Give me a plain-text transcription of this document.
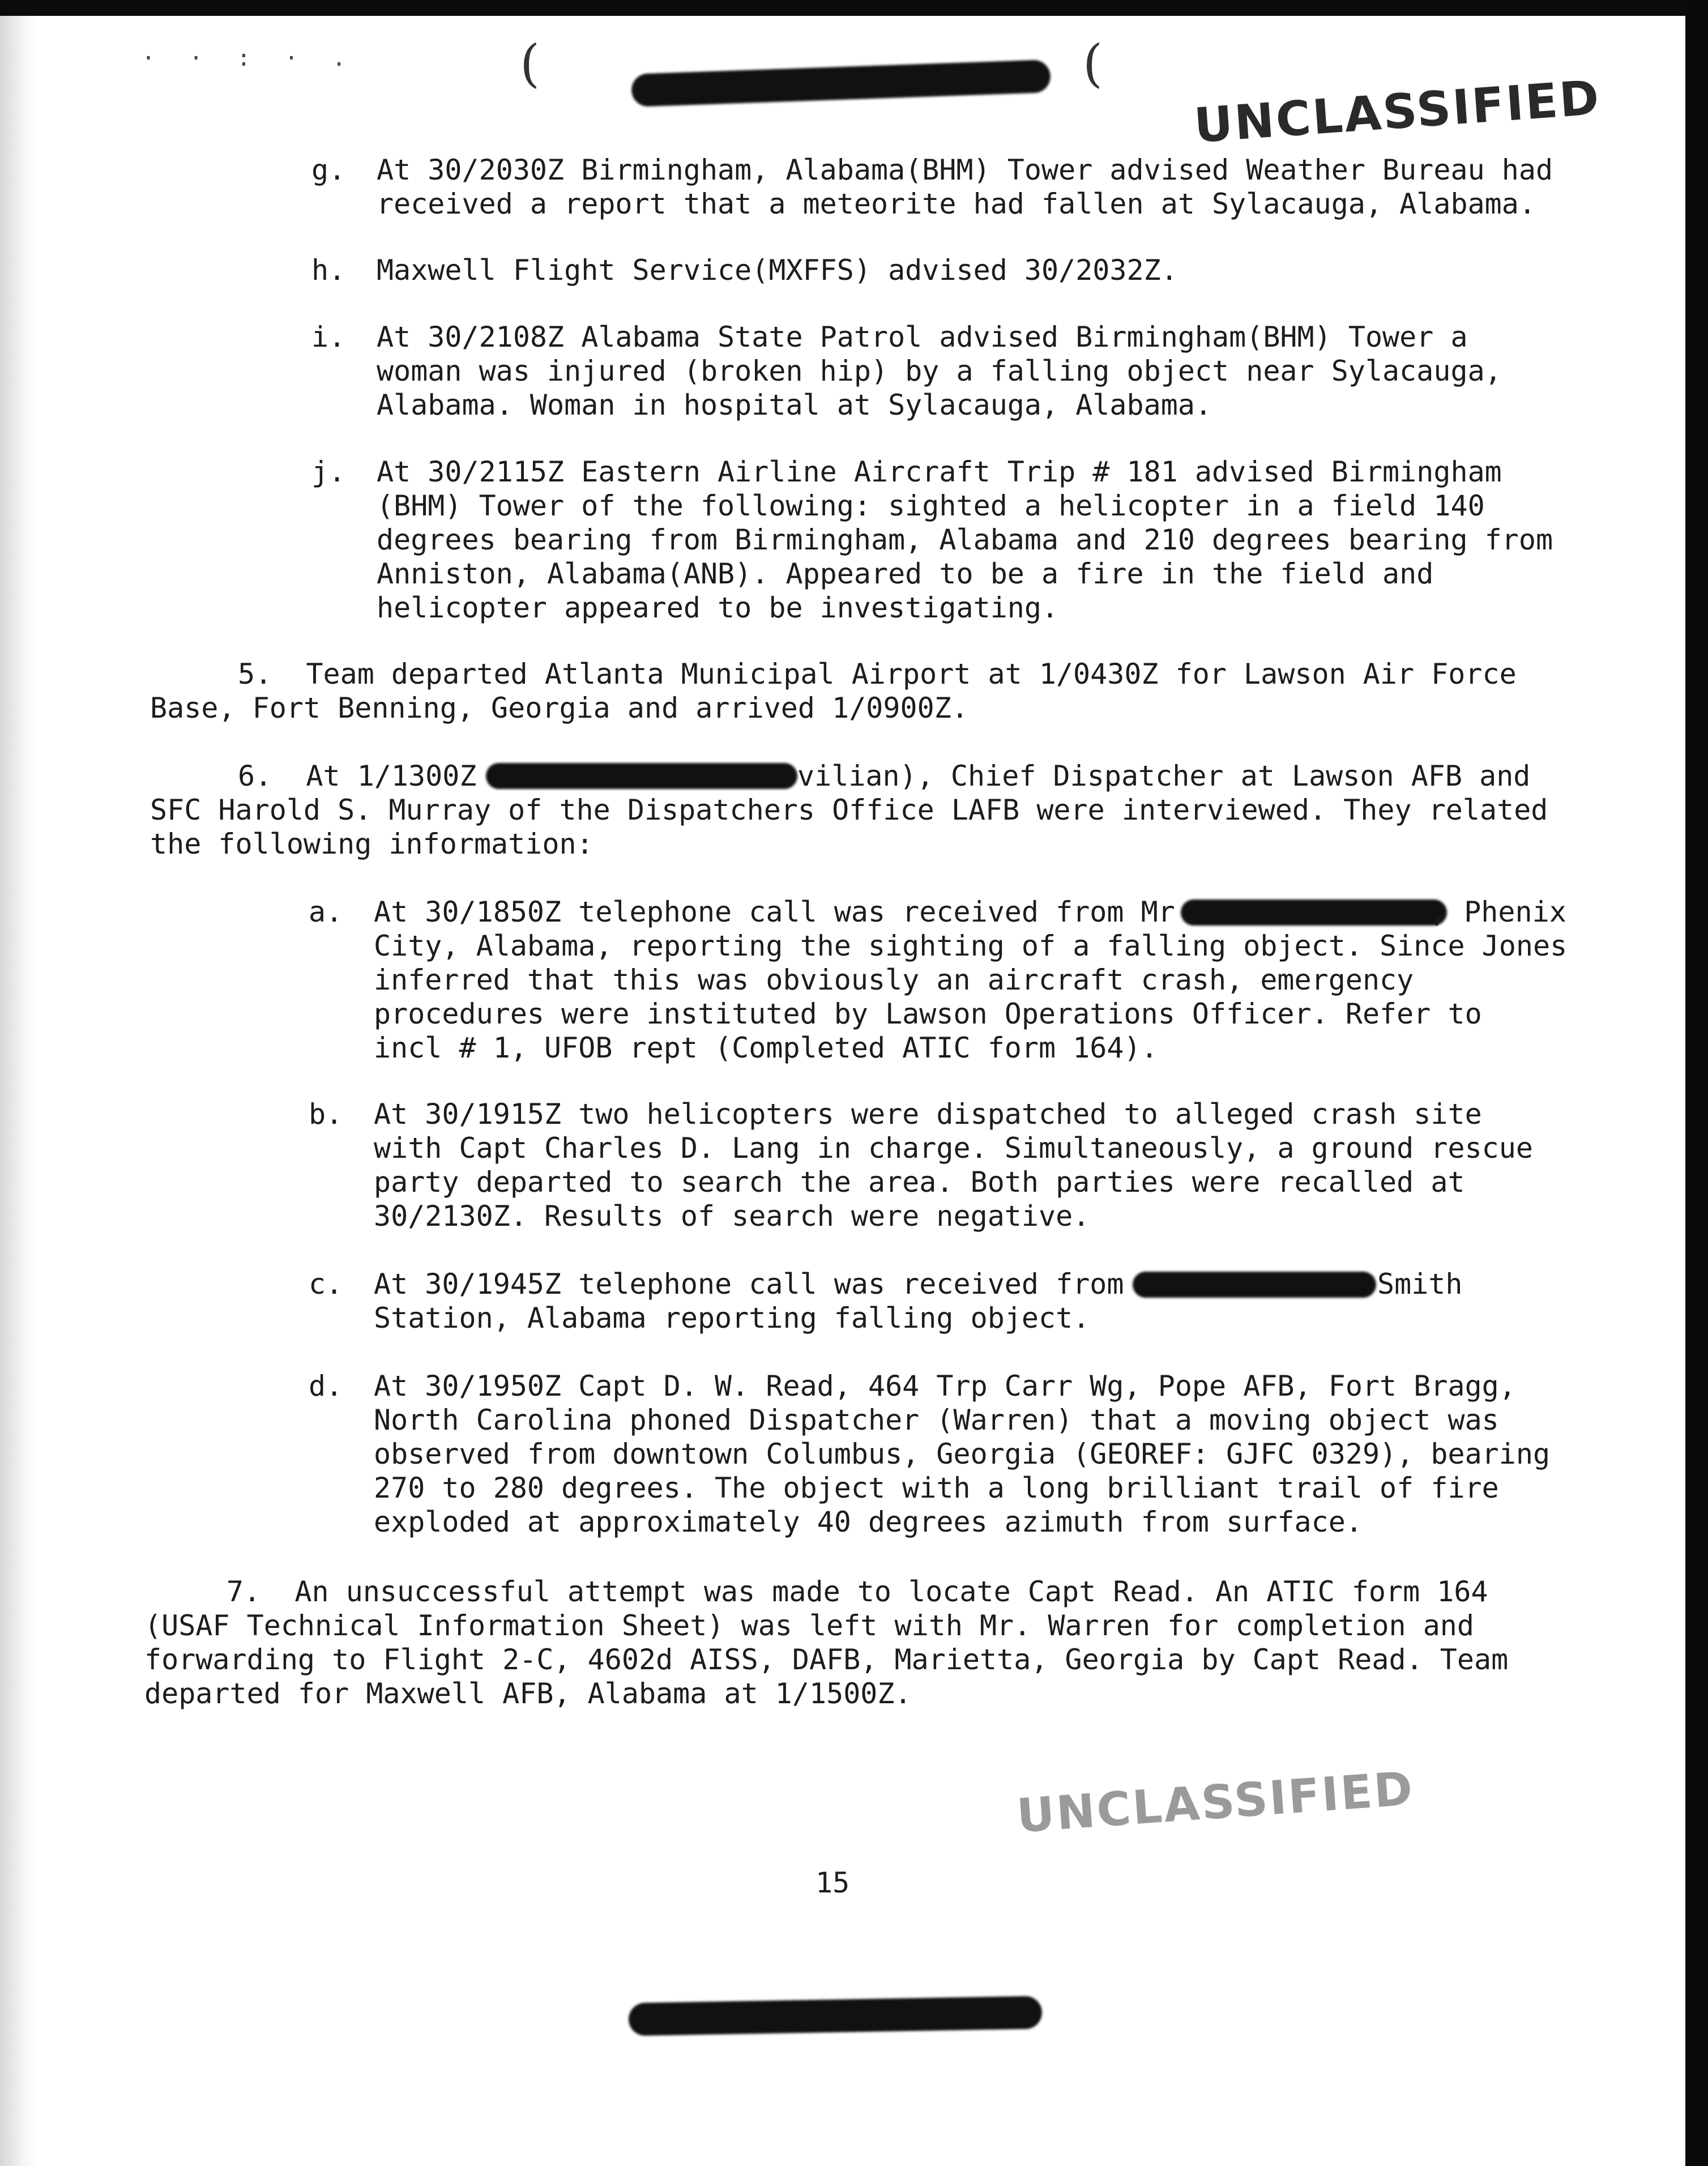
· · : · .	(	(
UNCLASSIFIED
g. At 30/2030Z Birmingham, Alabama(BHM) Tower advised Weather Bureau had
received a report that a meteorite had fallen at Sylacauga, Alabama.
h. Maxwell Flight Service(MXFFS) advised 30/2032Z.
i. At 30/2108Z Alabama State Patrol advised Birmingham(BHM) Tower a
woman was injured (broken hip) by a falling object near Sylacauga,
Alabama. Woman in hospital at Sylacauga, Alabama.
j. At 30/2115Z Eastern Airline Aircraft Trip # 181 advised Birmingham
(BHM) Tower of the following: sighted a helicopter in a field 140
degrees bearing from Birmingham, Alabama and 210 degrees bearing from
Anniston, Alabama(ANB). Appeared to be a fire in the field and
helicopter appeared to be investigating.
5.  Team departed Atlanta Municipal Airport at 1/0430Z for Lawson Air Force
Base, Fort Benning, Georgia and arrived 1/0900Z.
6.  At 1/1300Z	vilian), Chief Dispatcher at Lawson AFB and
SFC Harold S. Murray of the Dispatchers Office LAFB were interviewed. They related
the following information:
a. At 30/1850Z telephone call was received from Mr	, Phenix
City, Alabama, reporting the sighting of a falling object. Since Jones
inferred that this was obviously an aircraft crash, emergency
procedures were instituted by Lawson Operations Officer. Refer to
incl # 1, UFOB rept (Completed ATIC form 164).
b. At 30/1915Z two helicopters were dispatched to alleged crash site
with Capt Charles D. Lang in charge. Simultaneously, a ground rescue
party departed to search the area. Both parties were recalled at
30/2130Z. Results of search were negative.
c. At 30/1945Z telephone call was received from	Smith
Station, Alabama reporting falling object.
d. At 30/1950Z Capt D. W. Read, 464 Trp Carr Wg, Pope AFB, Fort Bragg,
North Carolina phoned Dispatcher (Warren) that a moving object was
observed from downtown Columbus, Georgia (GEOREF: GJFC 0329), bearing
270 to 280 degrees. The object with a long brilliant trail of fire
exploded at approximately 40 degrees azimuth from surface.
7.  An unsuccessful attempt was made to locate Capt Read. An ATIC form 164
(USAF Technical Information Sheet) was left with Mr. Warren for completion and
forwarding to Flight 2-C, 4602d AISS, DAFB, Marietta, Georgia by Capt Read. Team
departed for Maxwell AFB, Alabama at 1/1500Z.
UNCLASSIFIED
15
